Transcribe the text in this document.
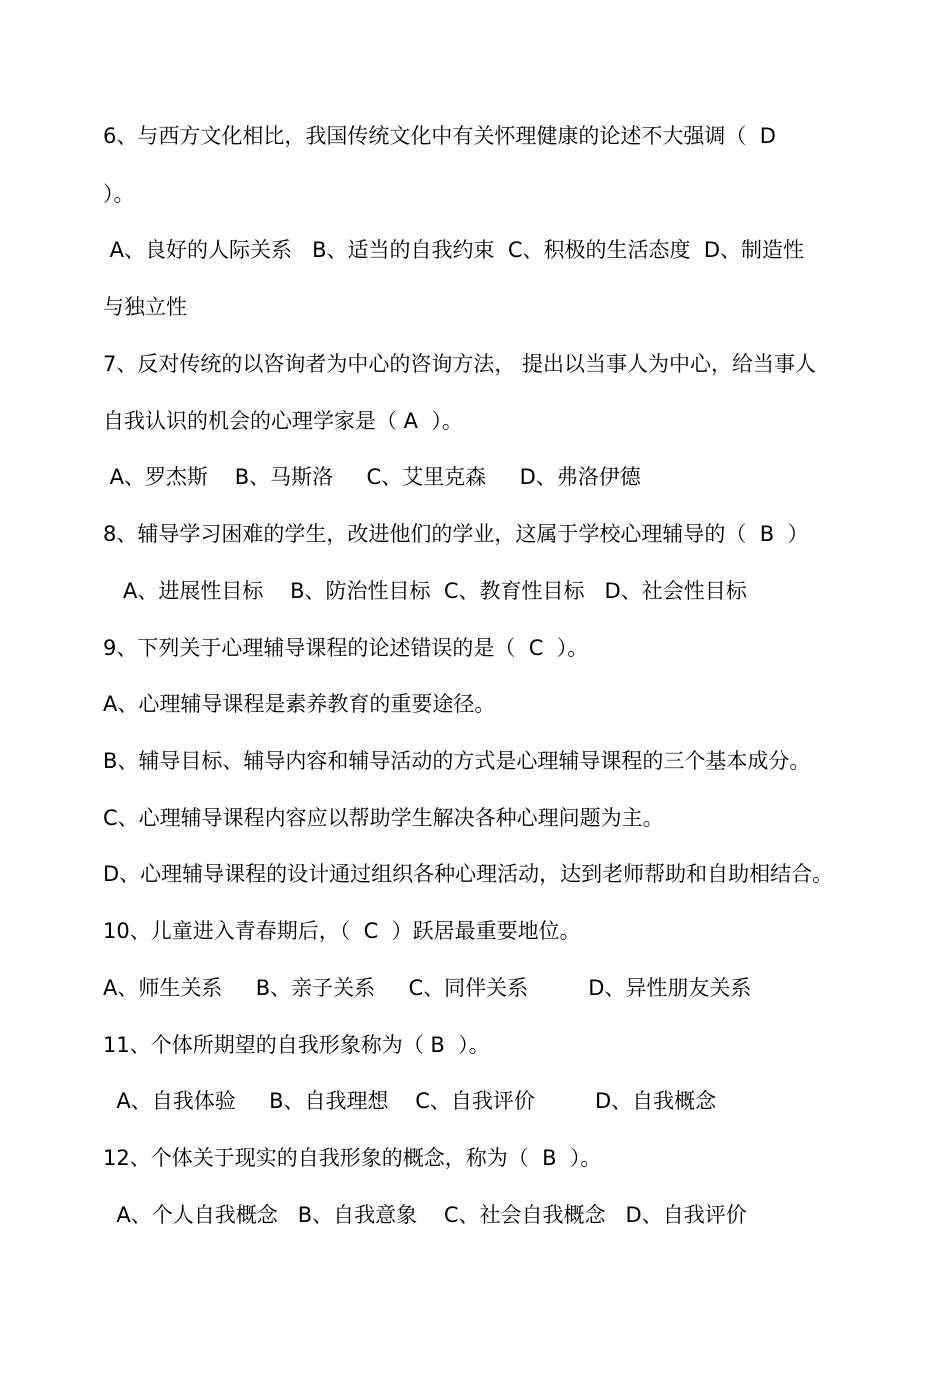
6、与西方文化相比，我国传统文化中有关怀理健康的论述不大强调（  D
）。
A、良好的人际关系   B、适当的自我约束  C、积极的生活态度  D、制造性
与独立性
7、反对传统的以咨询者为中心的咨询方法， 提出以当事人为中心，给当事人
自我认识的机会的心理学家是（ A  ）。
A、罗杰斯    B、马斯洛     C、艾里克森     D、弗洛伊德
8、辅导学习困难的学生，改进他们的学业，这属于学校心理辅导的（  B  ）
A、进展性目标    B、防治性目标  C、教育性目标   D、社会性目标
9、下列关于心理辅导课程的论述错误的是（  C  ）。
A、心理辅导课程是素养教育的重要途径。
B、辅导目标、辅导内容和辅导活动的方式是心理辅导课程的三个基本成分。
C、心理辅导课程内容应以帮助学生解决各种心理问题为主。
D、心理辅导课程的设计通过组织各种心理活动，达到老师帮助和自助相结合。
10、儿童进入青春期后，（  C  ）跃居最重要地位。
A、师生关系     B、亲子关系     C、同伴关系         D、异性朋友关系
11、个体所期望的自我形象称为（ B  ）。
A、自我体验     B、自我理想    C、自我评价         D、自我概念
12、个体关于现实的自我形象的概念，称为（  B  ）。
A、个人自我概念   B、自我意象    C、社会自我概念   D、自我评价
